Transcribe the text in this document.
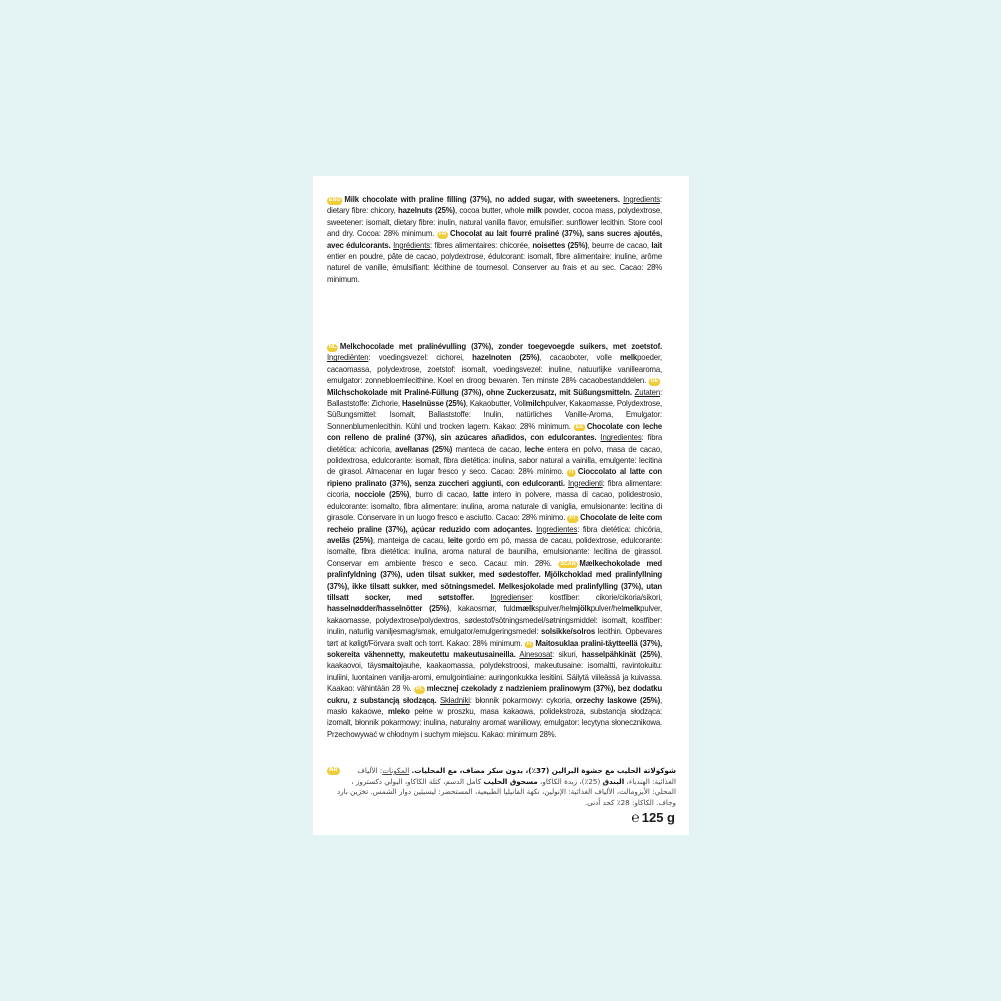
ENG Milk chocolate with praline filling (37%), no added sugar, with sweeteners. Ingredients: dietary fibre: chicory, hazelnuts (25%), cocoa butter, whole milk powder, cocoa mass, polydextrose, sweetener: isomalt, dietary fibre: inulin, natural vanilla flavor, emulsifier: sunflower lecithin. Store cool and dry. Cocoa: 28% minimum. FR Chocolat au lait fourré praliné (37%), sans sucres ajoutés, avec édulcorants. Ingrédients: fibres alimentaires: chicorée, noisettes (25%), beurre de cacao, lait entier en poudre, pâte de cacao, polydextrose, édulcorant: isomalt, fibre alimentaire: inuline, arôme naturel de vanille, émulsifiant: lécithine de tournesol. Conserver au frais et au sec. Cacao: 28% minimum.
NL Melkchocolade met pralinévulling (37%), zonder toegevoegde suikers, met zoetstof. Ingrediënten: voedingsvezel: cichorei, hazelnoten (25%), cacaoboter, volle melkpoeder, cacaomassa, polydextrose, zoetstof: isomalt, voedingsvezel: inuline, natuurlijke vanillearoma, emulgator: zonnebloemlecithine. Koel en droog bewaren. Ten minste 28% cacaobestanddelen. DEMilchschokolade mit Praliné-Füllung (37%), ohne Zuckerzusatz, mit Süßungsmitteln. Zutaten: Ballaststoffe: Zichorie, Haselnüsse (25%), Kakaobutter, Vollmilchpulver, Kakaomasse, Polydextrose, Süßungsmittel: Isomalt, Ballaststoffe: Inulin, natürliches Vanille-Aroma, Emulgator: Sonnenblumenlecithin. Kühl und trocken lagern. Kakao: 28% minimum. ES Chocolate con leche con relleno de praliné (37%), sin azúcares añadidos, con edulcorantes. Ingredientes: fibra dietética: achicoria, avellanas (25%) manteca de cacao, leche entera en polvo, masa de cacao, polidextrosa, edulcorante: isomalt, fibra dietética: inulina, sabor natural a vainilla, emulgente: lecitina de girasol. Almacenar en lugar fresco y seco. Cacao: 28% mínimo. IT Cioccolato al latte con ripieno pralinato (37%), senza zuccheri aggiunti, con edulcoranti. Ingredienti: fibra alimentare: cicoria, nocciole (25%), burro di cacao, latte intero in polvere, massa di cacao, polidestrosio, edulcorante: isomalto, fibra alimentare: inulina, aroma naturale di vaniglia, emulsionante: lecitina di girasole. Conservare in un luogo fresco e asciutto. Cacao: 28% minimo. PT Chocolate de leite com recheio praline (37%), açúcar reduzido com adoçantes. Ingredientes: fibra dietética: chicória, avelãs (25%), manteiga de cacau, leite gordo em pó, massa de cacau, polidextrose, edulcorante: isomalte, fibra dietética: inulina, aroma natural de baunilha, emulsionante: lecitina de girassol. Conservar em ambiente fresco e seco. Cacau: min. 28%. SCAN Mælkechokolade med pralinfyldning (37%), uden tilsat sukker, med sødestoffer. Mjölkchoklad med pralinfyllning (37%), ikke tilsatt sukker, med sötningsmedel. Melkesjokolade med pralinfylling (37%), utan tillsatt socker, med søtstoffer. Ingredienser: kostfiber: cikorie/cikoria/sikori, hasselnødder/hasselnötter (25%), kakaosmør, fuldmælkspulver/helmjölkpulver/helmelkpulver, kakaomasse, polydextrose/polydextros, sødestof/sötningsmedel/søtningsmiddel: isomalt, kostfiber: inulin, naturlig vaniljesmag/smak, emulgator/emulgeringsmedel: solsikke/solros lecithin. Opbevares tørt at køligt/Förvara svalt och torrt. Kakao: 28% minimum. FI Maitosuklaa pralini-täytteellä (37%), sokereita vähennetty, makeutettu makeutusaineilla. Ainesosat: sikuri, hasselpähkinät (25%), kaakaovoi, täysmaitojauhe, kaakaomassa, polydekstroosi, makeutusaine: isomaltti, ravintokuitu: inuliini, luontainen vanilja-aromi, emulgointiaine: auringonkukka lesitiini. Säilytä viileässä ja kuivassa. Kaakao: vähintään 28 %. PL mlecznej czekolady z nadzieniem pralinowym (37%), bez dodatku cukru, z substancją słodzącą. Składniki: błonnik pokarmowy: cykoria, orzechy laskowe (25%), masło kakaowe, mleko pełne w proszku, masa kakaowa, polidekstroza, substancja słodząca: izomalt, błonnik pokarmowy: inulina, naturalny aromat waniliowy, emulgator: lecytyna słonecznikowa. Przechowywać w chłodnym i suchym miejscu. Kakao: minimum 28%.
AR	شوكولاتة الحليب مع حشوة البرالين (37٪)، بدون سكر مضاف، مع المحليات. المكونات: الألياف الغذائية: الهندباء، البندق (25٪)، زبدة الكاكاو، مسحوق الحليب كامل الدسم، كتلة الكاكاو، البولي دكستروز ، المحلي: الأيزومالت، الألياف الغذائية: الإنولين، نكهة الفانيليا الطبيعية، المستحضر: ليسيثين دوار الشمس. تخزين بارد وجاف. الكاكاو: 28٪ كحد أدنى.
℮ 125 g
